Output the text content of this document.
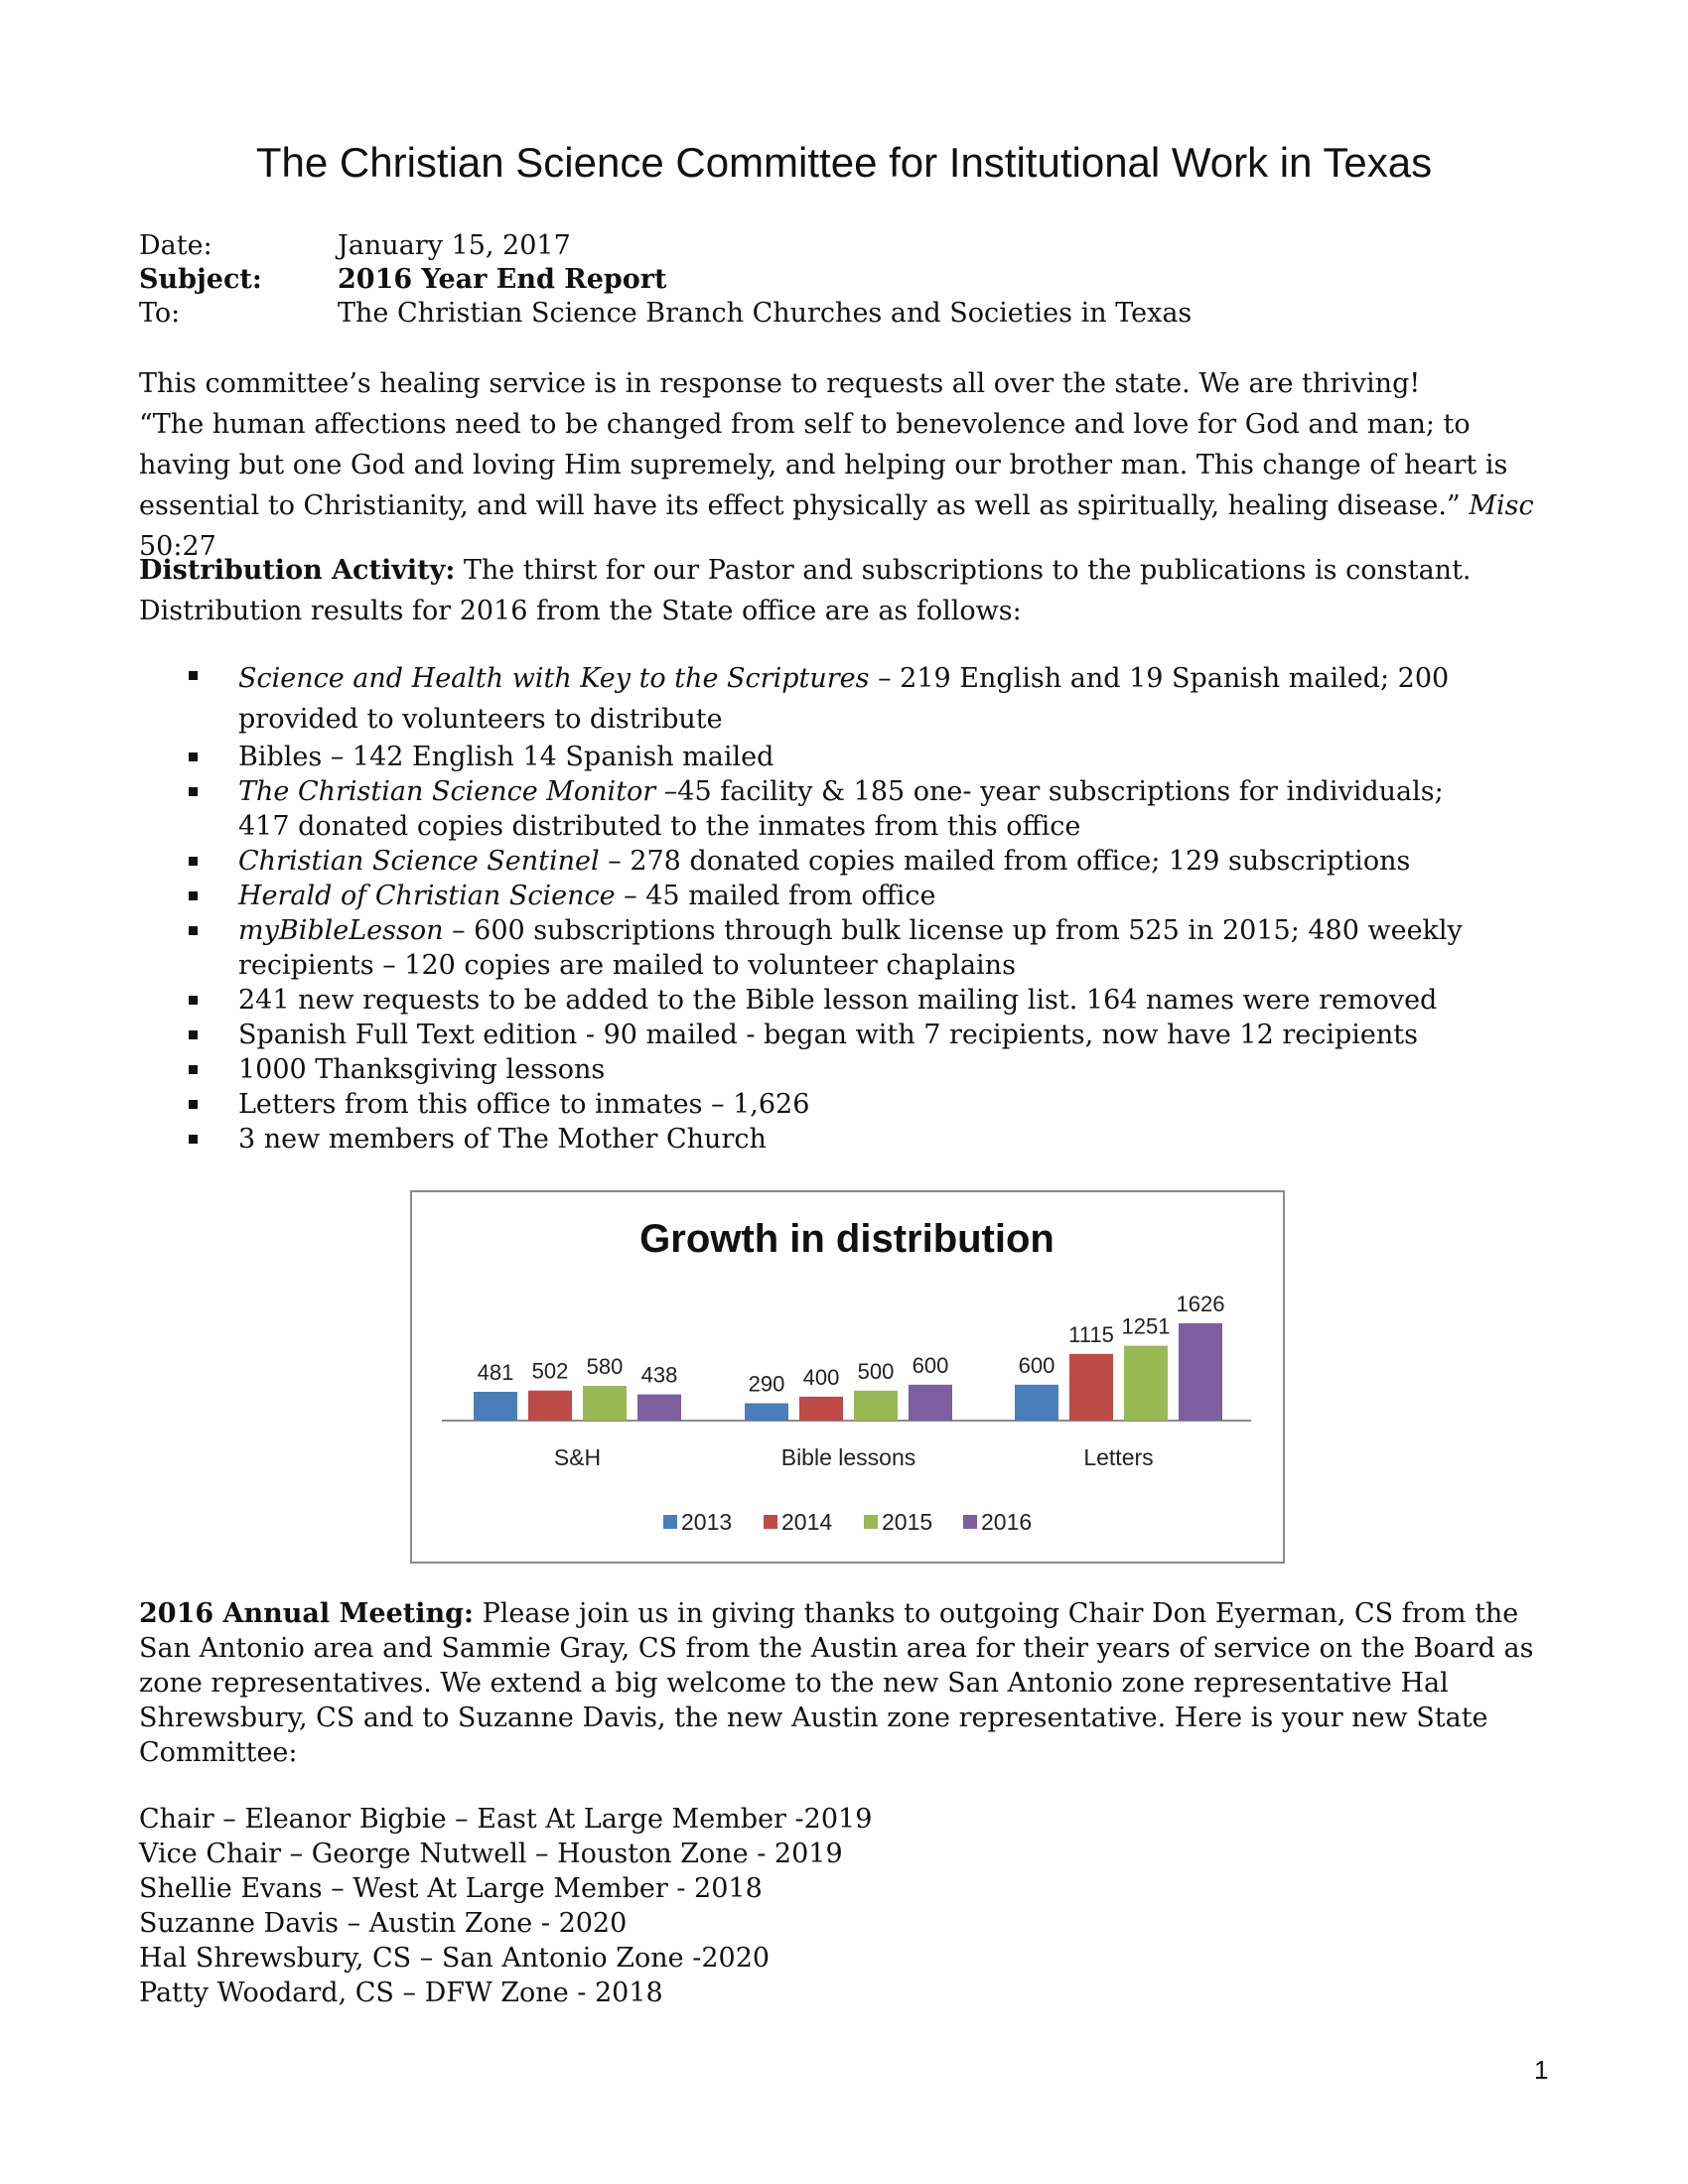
The Christian Science Committee for Institutional Work in Texas
Date:	January 15, 2017
Subject:	2016 Year End Report
To:	The Christian Science Branch Churches and Societies in Texas

This committee’s healing service is in response to requests all over the state. We are thriving!

“The human affections need to be changed from self to benevolence and love for God and man; to having but one God and loving Him supremely, and helping our brother man. This change of heart is essential to Christianity, and will have its effect physically as well as spiritually, healing disease.” Misc 50:27

Distribution Activity: The thirst for our Pastor and subscriptions to the publications is constant. Distribution results for 2016 from the State office are as follows:

Science and Health with Key to the Scriptures – 219 English and 19 Spanish mailed; 200 provided to volunteers to distribute
Bibles – 142 English 14 Spanish mailed
The Christian Science Monitor –45 facility & 185 one- year subscriptions for individuals; 417 donated copies distributed to the inmates from this office
Christian Science Sentinel – 278 donated copies mailed from office; 129 subscriptions
Herald of Christian Science – 45 mailed from office
myBibleLesson – 600 subscriptions through bulk license up from 525 in 2015; 480 weekly recipients – 120 copies are mailed to volunteer chaplains
241 new requests to be added to the Bible lesson mailing list. 164 names were removed
Spanish Full Text edition - 90 mailed - began with 7 recipients, now have 12 recipients
1000 Thanksgiving lessons
Letters from this office to inmates – 1,626
3 new members of The Mother Church
Growth in distribution
481 502 580 438
S&H
290 400 500 600
Bible lessons
600
1115 1251
1626
Letters
2013 2014 2015 2016

2016 Annual Meeting: Please join us in giving thanks to outgoing Chair Don Eyerman, CS from the San Antonio area and Sammie Gray, CS from the Austin area for their years of service on the Board as zone representatives. We extend a big welcome to the new San Antonio zone representative Hal Shrewsbury, CS and to Suzanne Davis, the new Austin zone representative. Here is your new State Committee:

Chair – Eleanor Bigbie – East At Large Member -2019
Vice Chair – George Nutwell – Houston Zone - 2019
Shellie Evans – West At Large Member - 2018
Suzanne Davis – Austin Zone - 2020
Hal Shrewsbury, CS – San Antonio Zone -2020
Patty Woodard, CS – DFW Zone - 2018
1
